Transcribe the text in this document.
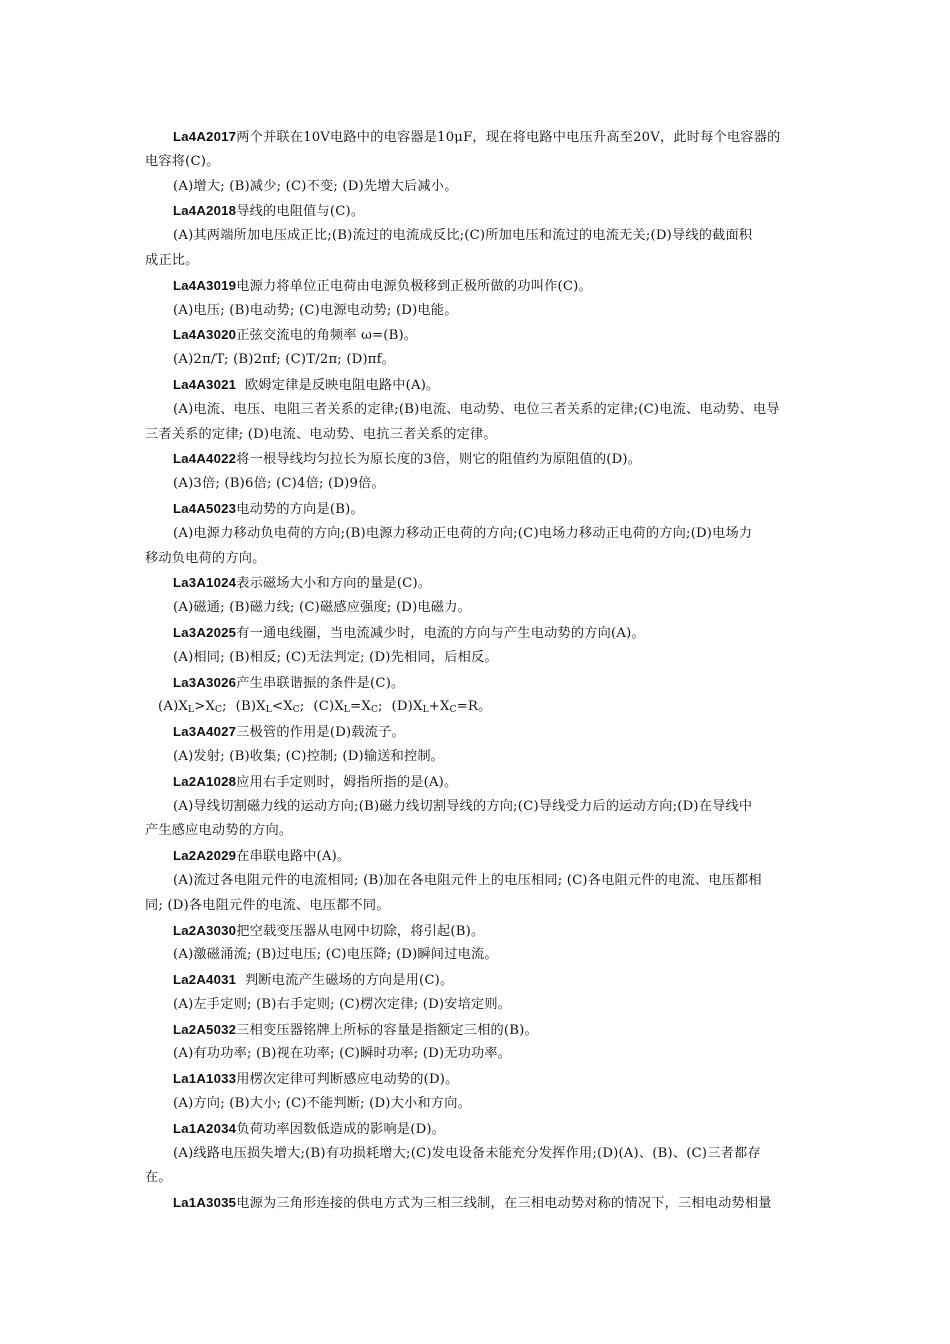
La4A2017两个并联在10V电路中的电容器是10μF，现在将电路中电压升高至20V，此时每个电容器的
电容将(C)。
(A)增大; (B)减少; (C)不变; (D)先增大后减小。
La4A2018导线的电阻值与(C)。
(A)其两端所加电压成正比;(B)流过的电流成反比;(C)所加电压和流过的电流无关;(D)导线的截面积
成正比。
La4A3019电源力将单位正电荷由电源负极移到正极所做的功叫作(C)。
(A)电压; (B)电动势; (C)电源电动势; (D)电能。
La4A3020正弦交流电的角频率 ω=(B)。
(A)2π/T; (B)2πf; (C)T/2π; (D)πf。
La4A3021  欧姆定律是反映电阻电路中(A)。
(A)电流、电压、电阻三者关系的定律;(B)电流、电动势、电位三者关系的定律;(C)电流、电动势、电导
三者关系的定律; (D)电流、电动势、电抗三者关系的定律。
La4A4022将一根导线均匀拉长为原长度的3倍，则它的阻值约为原阻值的(D)。
(A)3倍; (B)6倍; (C)4倍; (D)9倍。
La4A5023电动势的方向是(B)。
(A)电源力移动负电荷的方向;(B)电源力移动正电荷的方向;(C)电场力移动正电荷的方向;(D)电场力
移动负电荷的方向。
La3A1024表示磁场大小和方向的量是(C)。
(A)磁通; (B)磁力线; (C)磁感应强度; (D)电磁力。
La3A2025有一通电线圈，当电流减少时，电流的方向与产生电动势的方向(A)。
(A)相同; (B)相反; (C)无法判定; (D)先相同，后相反。
La3A3026产生串联谐振的条件是(C)。
$(A)X_L>X_C$;  $(B)X_L<X_C$;  $(C)X_L=X_C$;  $(D)X_L+X_C=R$。
La3A4027三极管的作用是(D)载流子。
(A)发射; (B)收集; (C)控制; (D)输送和控制。
La2A1028应用右手定则时，姆指所指的是(A)。
(A)导线切割磁力线的运动方向;(B)磁力线切割导线的方向;(C)导线受力后的运动方向;(D)在导线中
产生感应电动势的方向。
La2A2029在串联电路中(A)。
(A)流过各电阻元件的电流相同; (B)加在各电阻元件上的电压相同; (C)各电阻元件的电流、电压都相
同; (D)各电阻元件的电流、电压都不同。
La2A3030把空载变压器从电网中切除，将引起(B)。
(A)激磁涌流; (B)过电压; (C)电压降; (D)瞬间过电流。
La2A4031  判断电流产生磁场的方向是用(C)。
(A)左手定则; (B)右手定则; (C)楞次定律; (D)安培定则。
La2A5032三相变压器铭牌上所标的容量是指额定三相的(B)。
(A)有功功率; (B)视在功率; (C)瞬时功率; (D)无功功率。
La1A1033用楞次定律可判断感应电动势的(D)。
(A)方向; (B)大小; (C)不能判断; (D)大小和方向。
La1A2034负荷功率因数低造成的影响是(D)。
(A)线路电压损失增大;(B)有功损耗增大;(C)发电设备未能充分发挥作用;(D)(A)、(B)、(C)三者都存
在。
La1A3035电源为三角形连接的供电方式为三相三线制，在三相电动势对称的情况下，三相电动势相量
